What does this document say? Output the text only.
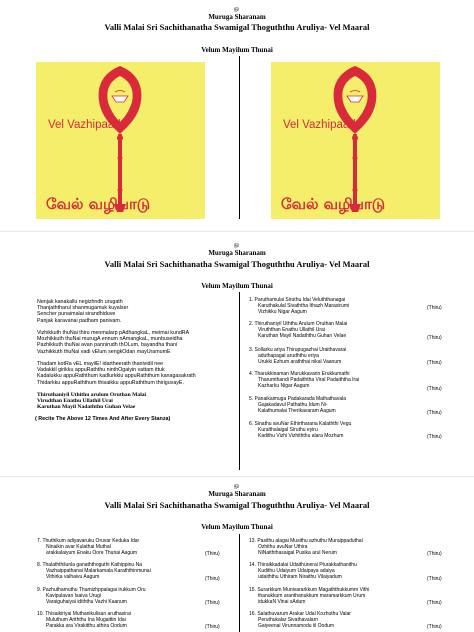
ௐ
Muruga Sharanam
Valli Malai Sri Sachithanatha Swamigal Thoguththu Aruliya- Vel Maaral
Velum Mayilum Thunai
Vel Vazhipaadu
வேல் வழிபாடு
Vel Vazhipaadu
வேல் வழிபாடு
ௐ
Muruga Sharanam
Valli Malai Sri Sachithanatha Swamigal Thoguththu Aruliya- Vel Maaral
Velum Mayilum Thunai
Nenjak kanakallu negizhndh urugath
Thanjaththarul shanmugamuk kuyalser
Sencher punaimalai sirandhiduve
Panjak karavanai padham panivam.
Vizhikkuth thuNai thiru menmalarp pAdhangkaL, meimai kundRA
Mozhikkuth thuNai murugA ennum nAmangkaL, munbuseidha
Pazhikkuth thuNai avan pannirudh thOLum, bayandha thani
Vazhikkuth thuNai vadi vElum sengkOdan mayUramumE
Thadam kotRa vEL mayilE! idartheerath thanividil nee
Vadakkil girikku appuRaththu ninthOgaiyin vattam ittuk
Kadalukku appuRaththum kadlurkkiu appuRaththum kanagasakrath
Thidarkku appuRaththum thisaikku appuRaththum thiriguvayE.
Thiruthaniyil Uthithu arulum Oruthan Malai
Virudthan Enathu Ullathil Urai
Karuthan Mayil Nadaththu Guhan Velae
( Recite The Above 12 Times And After Every Stanza)
1. Paruthamulai Siruthu Idai Veluththanagai
Karuthakulal Sivaththa Ithazh Marasirumi
Vizhikku Nigar Aagum
(Thiru)
2. Thiruthaniyil Uththu Arulum Oruthan Malai
Viruththan Enathu Ullathil Urai
Karuthan Mayil Nadaththu Guhan Velae	(Thiru)
3. Sollarku ariya Thirupugazhai Uraithavarai
aduthapagai arudhthu eriya
Urukki Ezhum araththai nikal Vaanum	(Thiru)
4. Tharukkinaman Murukkavarin Erukkumathi
Tharumthandi Padaiththa Viral Padaiththa Irai
Kazharku Nigar Aagum
(Thiru)
5. Panaikaimuga Padakarada Mathathavala
Gajakadavul Pathathu Idum Ni-
Kalathumalai Therikavaram Aagum	(Thiru)
6. Sinathu avuNar Ethirtharana Kalaththi Vegu
Kuralthalaigal Siruthu eyiru
Kadithu Vizhi Vizhiththu alara Mozhum	(Thiru)
ௐ
Muruga Sharanam
Valli Malai Sri Sachithanatha Swamigal Thoguththu Aruliya- Vel Maaral
Velum Mayilum Thunai
7. Thuthikum adiyavaruku Oruvar Keduka Idar
Ninaikin avar Kulathai Muthal
arakkalaiyum Enaku Oore Thunai Aagum	(Thiru)
8. Thalaththilunla ganaththoguthi Kaihippinu Na
Vazhaippathanai Malarkamala Karaththinmunai
Vithirka valhaivu Aagum	(Thiru)
9. Pazhuthamuthu Thamizhppalagai irukkum Oru
Kavipulavan Isaiva Urugi
Varaiguhaiyai idiththu Vazhi Kaanum	(Thiru)
10. Thisaikiriyai Muthanikulisan aruthasirai
Muluthum Ariththu Ina Mugaittin Idai
Parakka ara Virakitthu athira Oodum	(Thiru)
13. Pasithu alagai Musithu azhuthu Muraippaduthal
Ozhithu avuNar Uthira
NiNaiththasaigal Pusika arul Nerum	(Thiru)
14. Thiraikkadalai Udaithunerai Pturakkathanithu
Kudithu Udaiyum Udaipaya adaiya
udaiththu Uthiram Niraithu Vilaiyadum	(Thiru)
15. Surarkkum Munivararkkum Magaththukkumm Vithi
thanukkum aranthanukkum maramarkkum Urum
idukkaN Vinai sAdum	(Thiru)
16. Salathuvarum Arakar Udal Kozhuthu Valar
Peruthukalar Sivathavalarn
Gaiyeenai Virunnamodu iil Oodum	(Thiru)
